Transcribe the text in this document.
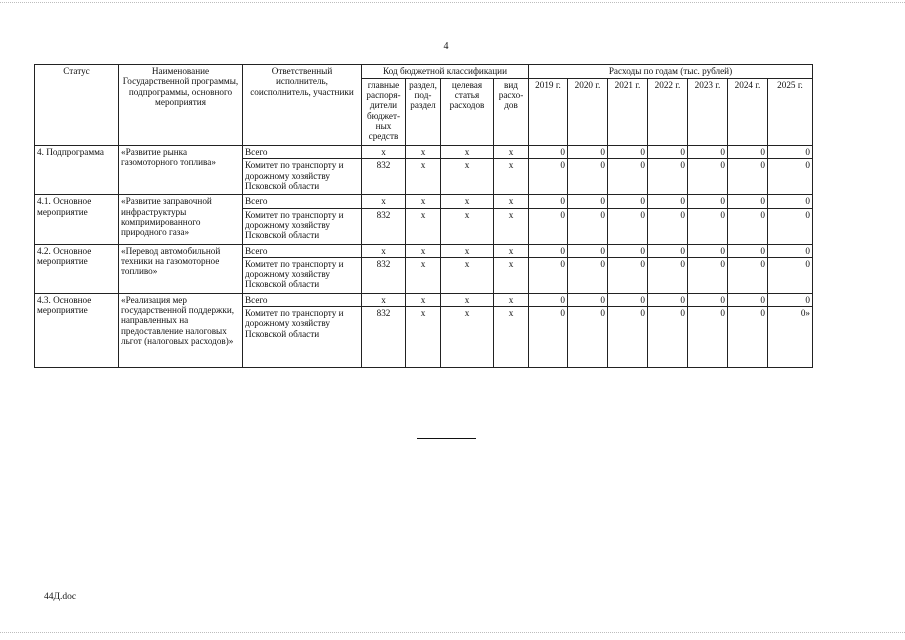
4
Статус	Наименование Государственной программы, подпрограммы, основного мероприятия	Ответственный исполнитель, соисполнитель, участники	Код бюджетной классификации				Расходы по годам (тыс. рублей)						
			главные распоря-дители бюджет-ных средств	раздел, под-раздел	целевая статья расходов	вид расхо-дов	2019 г.	2020 г.	2021 г.	2022 г.	2023 г.	2024 г.	2025 г.
4. Подпрограмма	«Развитие рынка газомоторного топлива»	Всего	x	x	x	x	0	0	0	0	0	0	0
		Комитет по транспорту и дорожному хозяйству Псковской области	832	x	x	x	0	0	0	0	0	0	0
4.1. Основное мероприятие	«Развитие заправочной инфраструктуры компримированного природного газа»	Всего	x	x	x	x	0	0	0	0	0	0	0
		Комитет по транспорту и дорожному хозяйству Псковской области	832	x	x	x	0	0	0	0	0	0	0
4.2. Основное мероприятие	«Перевод автомобильной техники на газомоторное топливо»	Всего	x	x	x	x	0	0	0	0	0	0	0
		Комитет по транспорту и дорожному хозяйству Псковской области	832	x	x	x	0	0	0	0	0	0	0
4.3. Основное мероприятие	«Реализация мер государственной поддержки, направленных на предоставление налоговых льгот (налоговых расходов)»	Всего	x	x	x	x	0	0	0	0	0	0	0
		Комитет по транспорту и дорожному хозяйству Псковской области	832	x	x	x	0	0	0	0	0	0	0»
44Д.doc
